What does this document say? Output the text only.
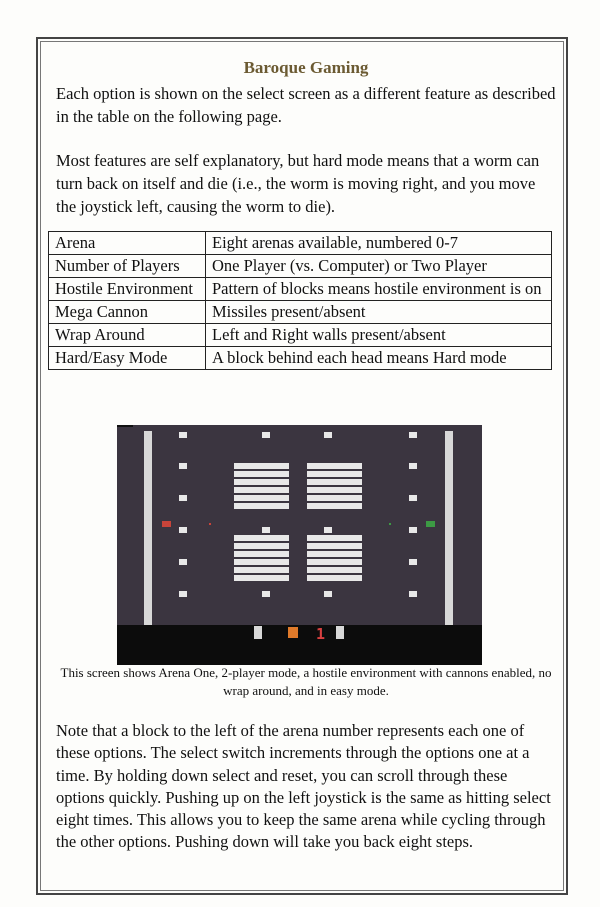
Baroque Gaming

Each option is shown on the select screen as a different feature as described in the table on the following page.

Most features are self explanatory, but hard mode means that a worm can turn back on itself and die (i.e., the worm is moving right, and you move the joystick left, causing the worm to die).

Arena	Eight arenas available, numbered 0-7
Number of Players	One Player (vs. Computer) or Two Player
Hostile Environment	Pattern of blocks means hostile environment is on
Mega Cannon	Missiles present/absent
Wrap Around	Left and Right walls present/absent
Hard/Easy Mode	A block behind each head means Hard mode
1
This screen shows Arena One, 2-player mode, a hostile environment with cannons enabled, no wrap around, and in easy mode.

Note that a block to the left of the arena number represents each one of these options. The select switch increments through the options one at a time. By holding down select and reset, you can scroll through these options quickly. Pushing up on the left joystick is the same as hitting select eight times. This allows you to keep the same arena while cycling through the other options. Pushing down will take you back eight steps.
